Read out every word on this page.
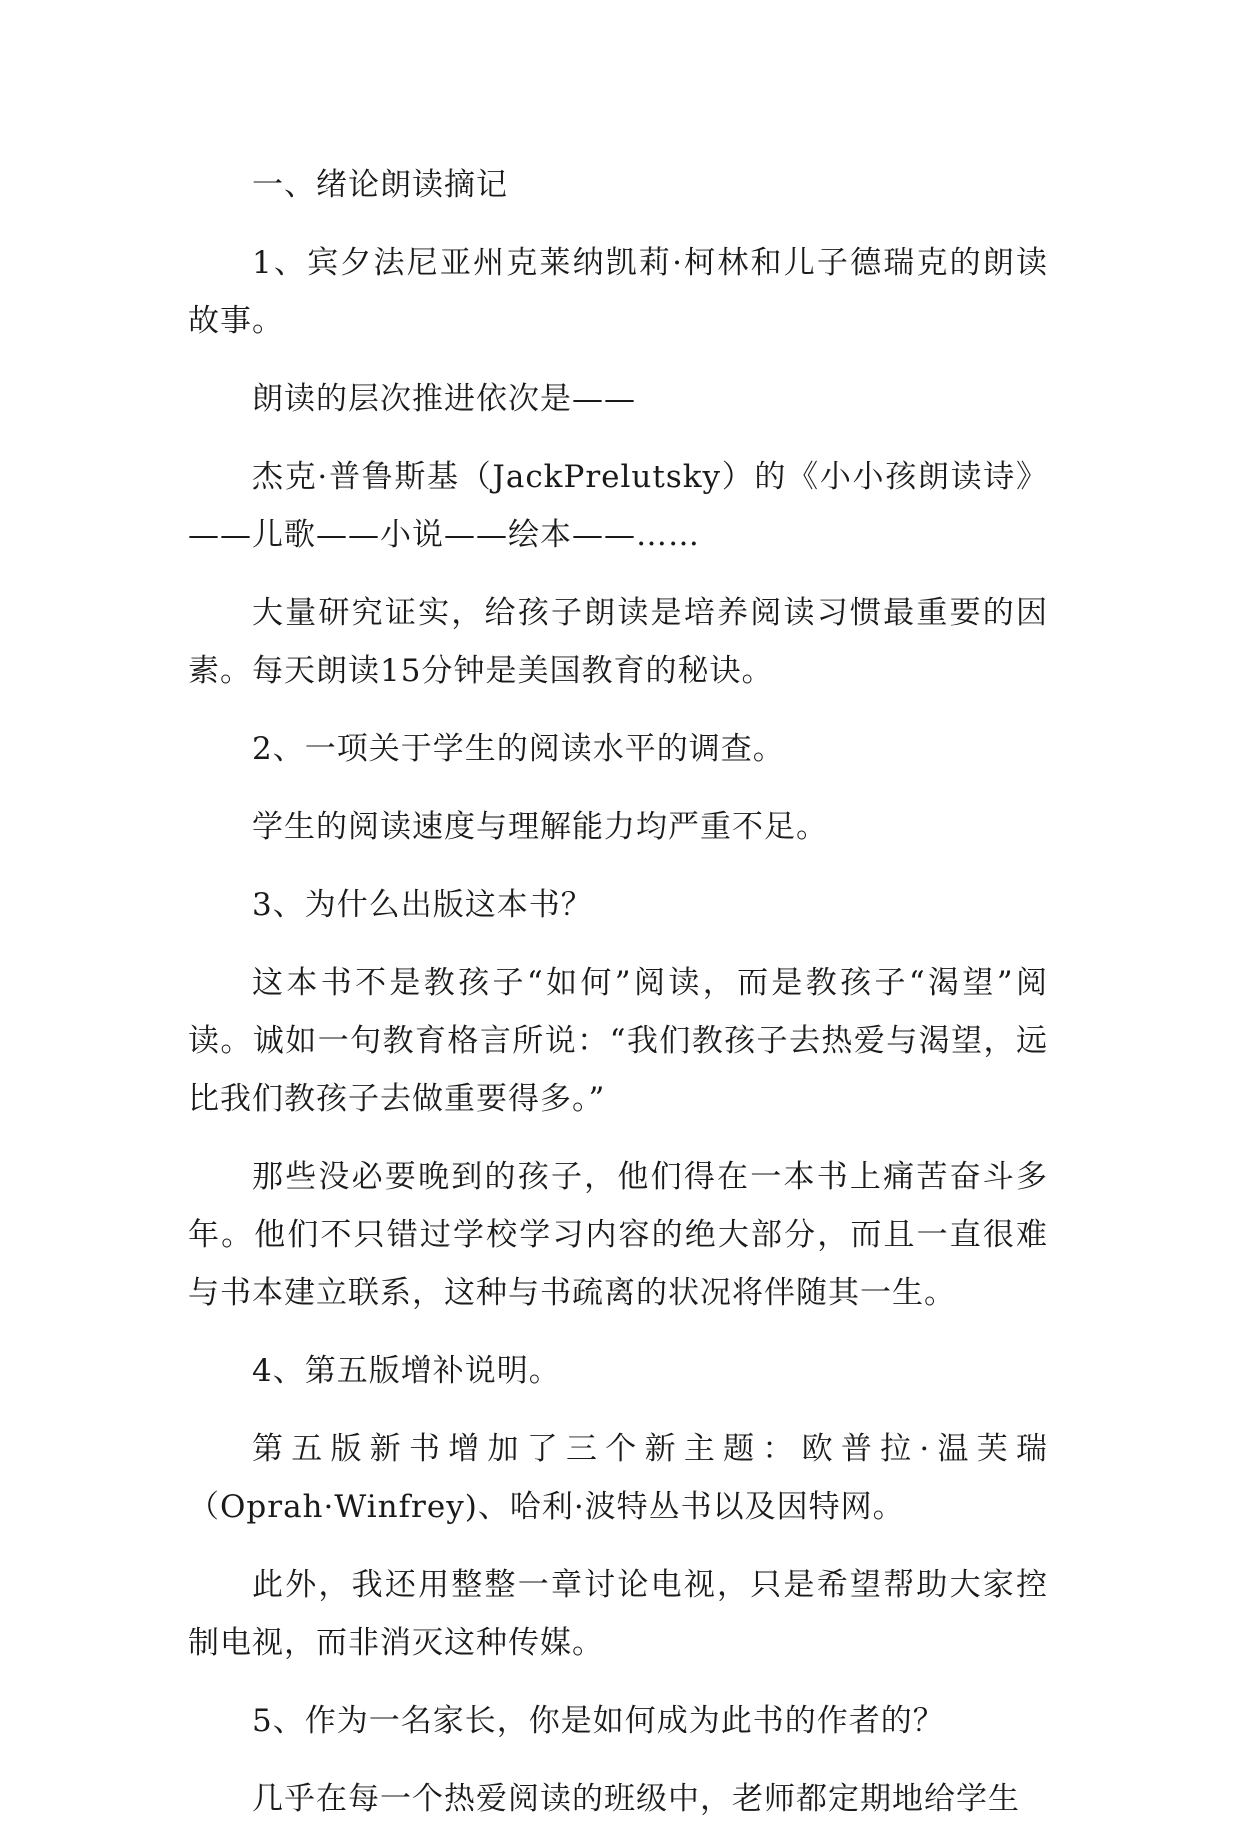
一、绪论朗读摘记

1、宾夕法尼亚州克莱纳凯莉·柯林和儿子德瑞克的朗读故事。

朗读的层次推进依次是——

杰克·普鲁斯基（JackPrelutsky）的《小小孩朗读诗》——儿歌——小说——绘本——……

大量研究证实，给孩子朗读是培养阅读习惯最重要的因素。每天朗读15分钟是美国教育的秘诀。

2、一项关于学生的阅读水平的调查。

学生的阅读速度与理解能力均严重不足。

3、为什么出版这本书？

这本书不是教孩子“如何”阅读，而是教孩子“渴望”阅读。诚如一句教育格言所说：“我们教孩子去热爱与渴望，远比我们教孩子去做重要得多。”

那些没必要晚到的孩子，他们得在一本书上痛苦奋斗多年。他们不只错过学校学习内容的绝大部分，而且一直很难与书本建立联系，这种与书疏离的状况将伴随其一生。

4、第五版增补说明。

第五版新书增加了三个新主题：欧普拉·温芙瑞（Oprah·Winfrey)、哈利·波特丛书以及因特网。

此外，我还用整整一章讨论电视，只是希望帮助大家控制电视，而非消灭这种传媒。

5、作为一名家长，你是如何成为此书的作者的？

几乎在每一个热爱阅读的班级中，老师都定期地给学生
